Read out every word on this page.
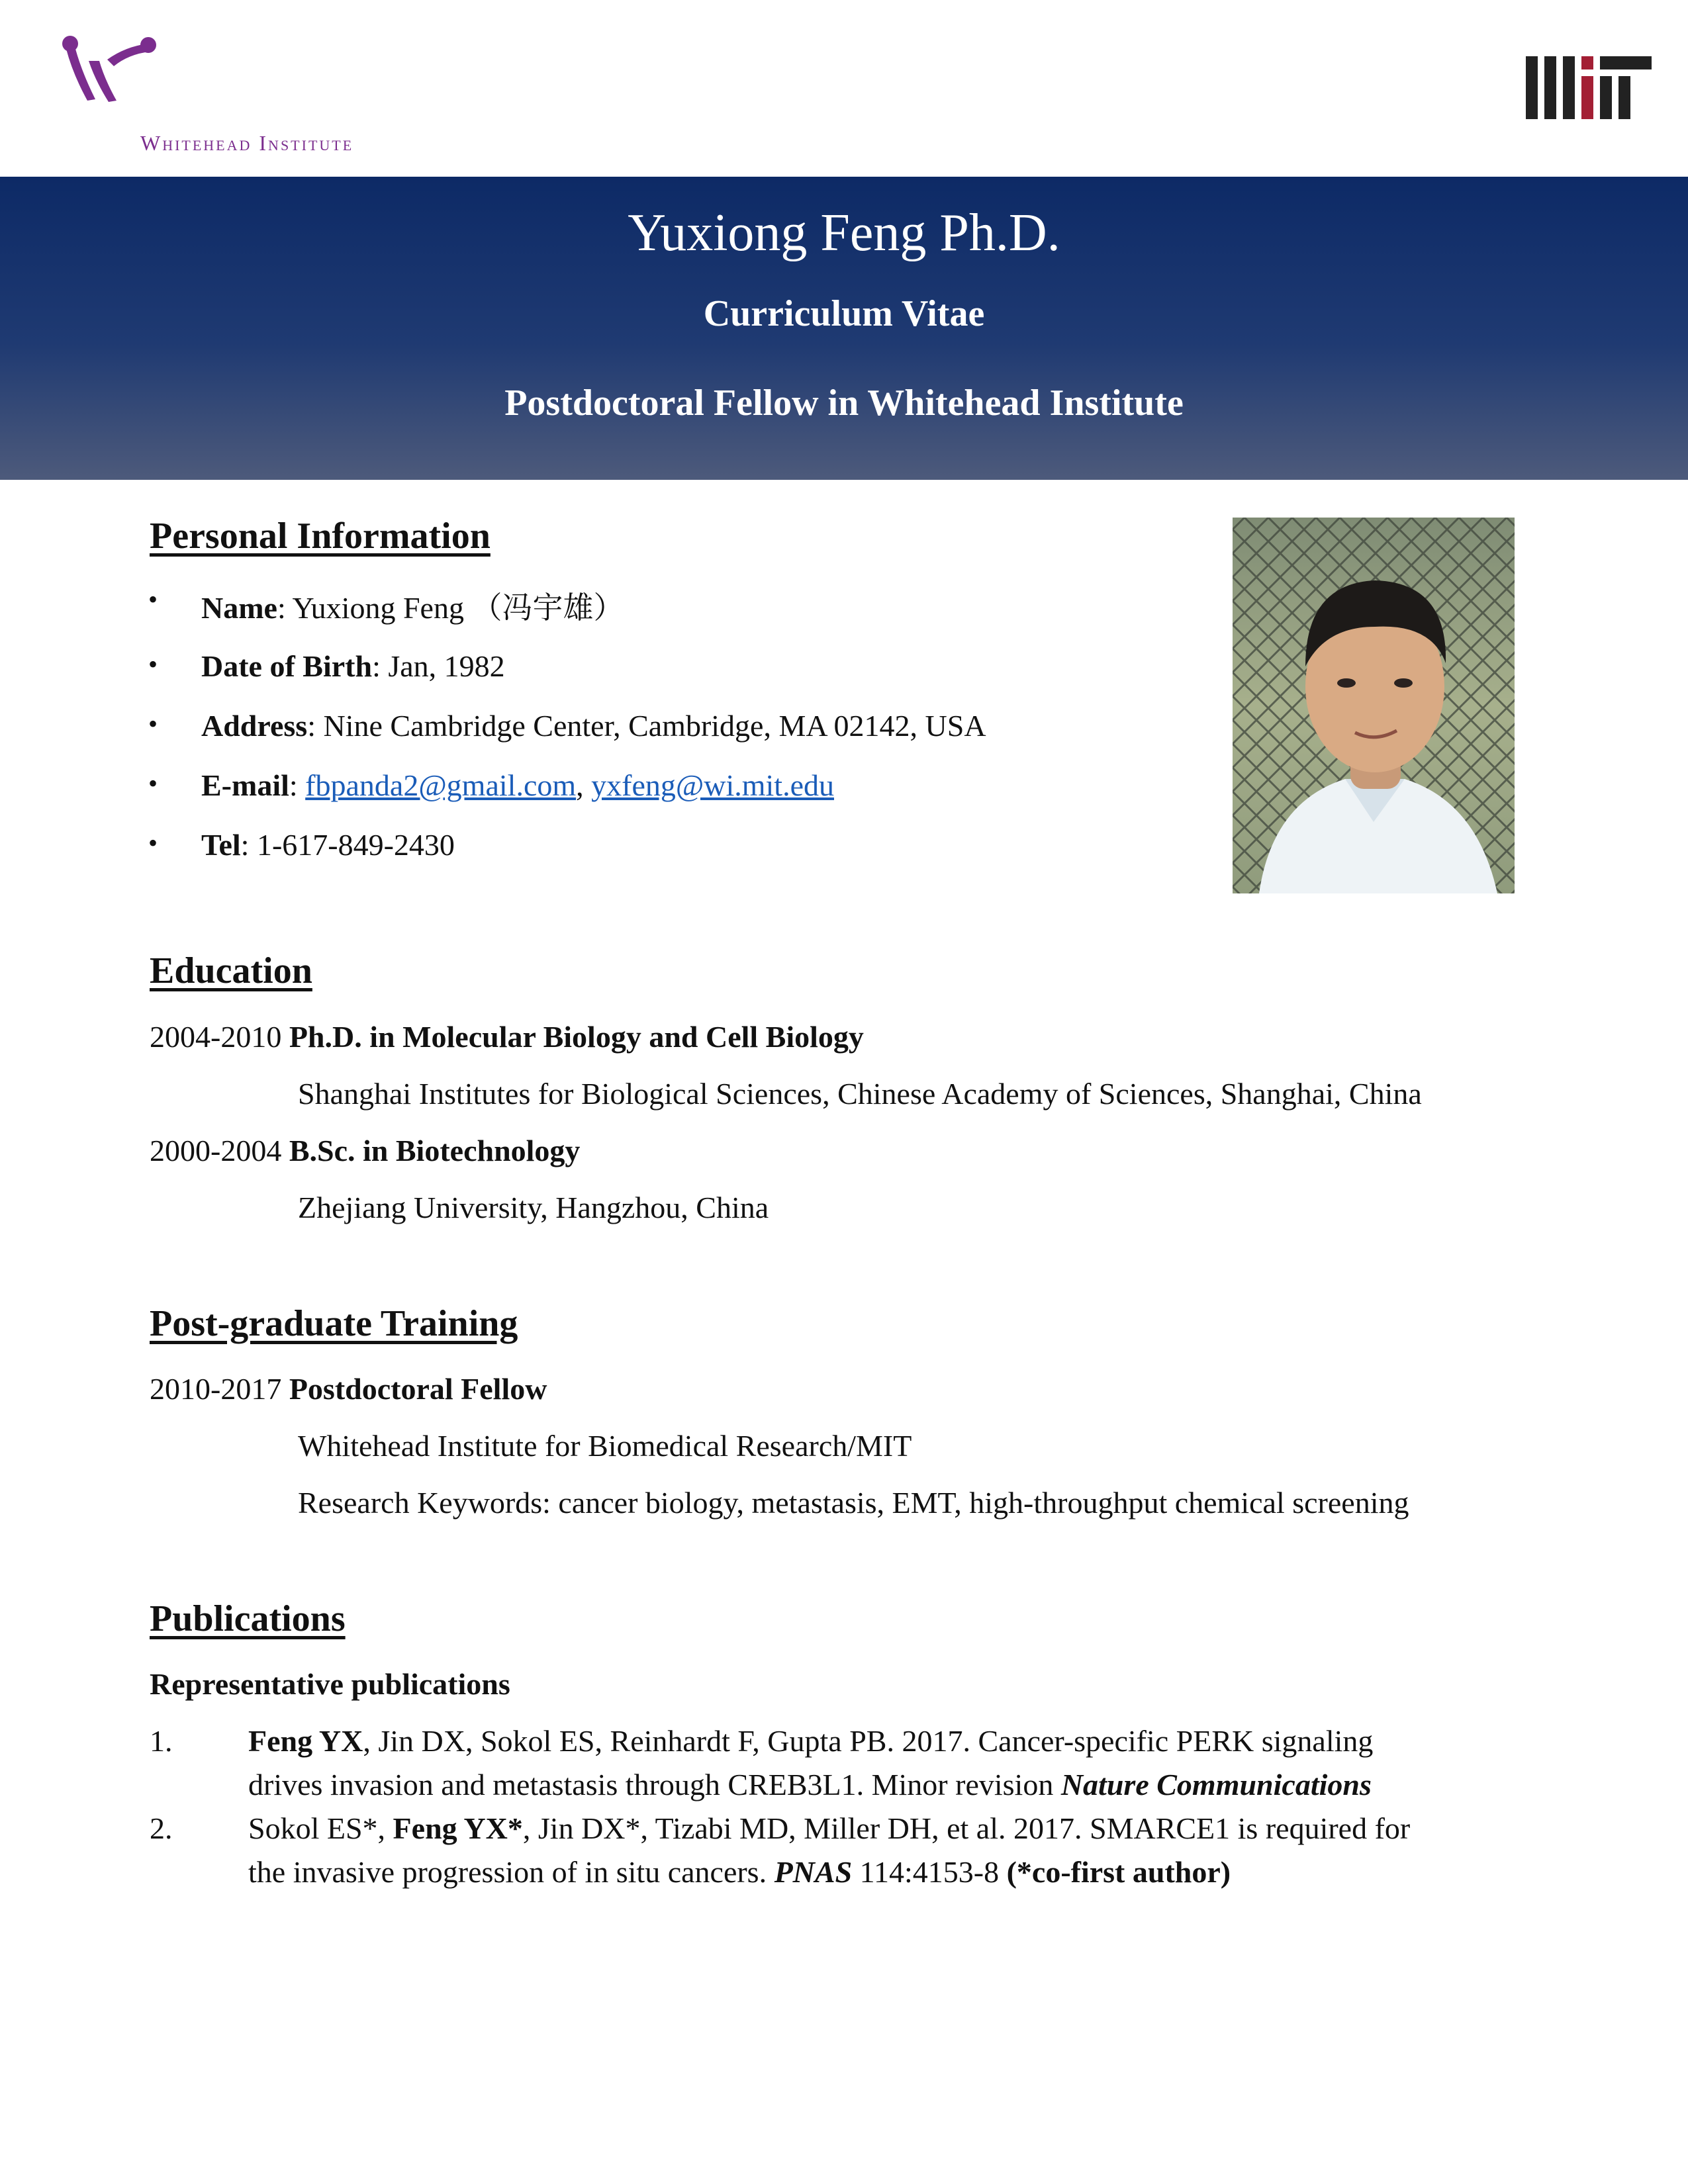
Whitehead Institute
Yuxiong Feng Ph.D.
Curriculum Vitae
Postdoctoral Fellow in Whitehead Institute
Personal Information
• Name: Yuxiong Feng （冯宇雄）
• Date of Birth: Jan, 1982
• Address: Nine Cambridge Center, Cambridge, MA 02142, USA
• E-mail: fbpanda2@gmail.com, yxfeng@wi.mit.edu
• Tel: 1-617-849-2430
Education
2004-2010 Ph.D. in Molecular Biology and Cell Biology
Shanghai Institutes for Biological Sciences, Chinese Academy of Sciences, Shanghai, China
2000-2004 B.Sc. in Biotechnology
Zhejiang University, Hangzhou, China
Post-graduate Training
2010-2017 Postdoctoral Fellow
Whitehead Institute for Biomedical Research/MIT
Research Keywords: cancer biology, metastasis, EMT, high-throughput chemical screening
Publications
Representative publications
1. Feng YX, Jin DX, Sokol ES, Reinhardt F, Gupta PB. 2017. Cancer-specific PERK signaling
drives invasion and metastasis through CREB3L1. Minor revision Nature Communications
2. Sokol ES*, Feng YX*, Jin DX*, Tizabi MD, Miller DH, et al. 2017. SMARCE1 is required for
the invasive progression of in situ cancers. PNAS 114:4153-8 (*co-first author)
